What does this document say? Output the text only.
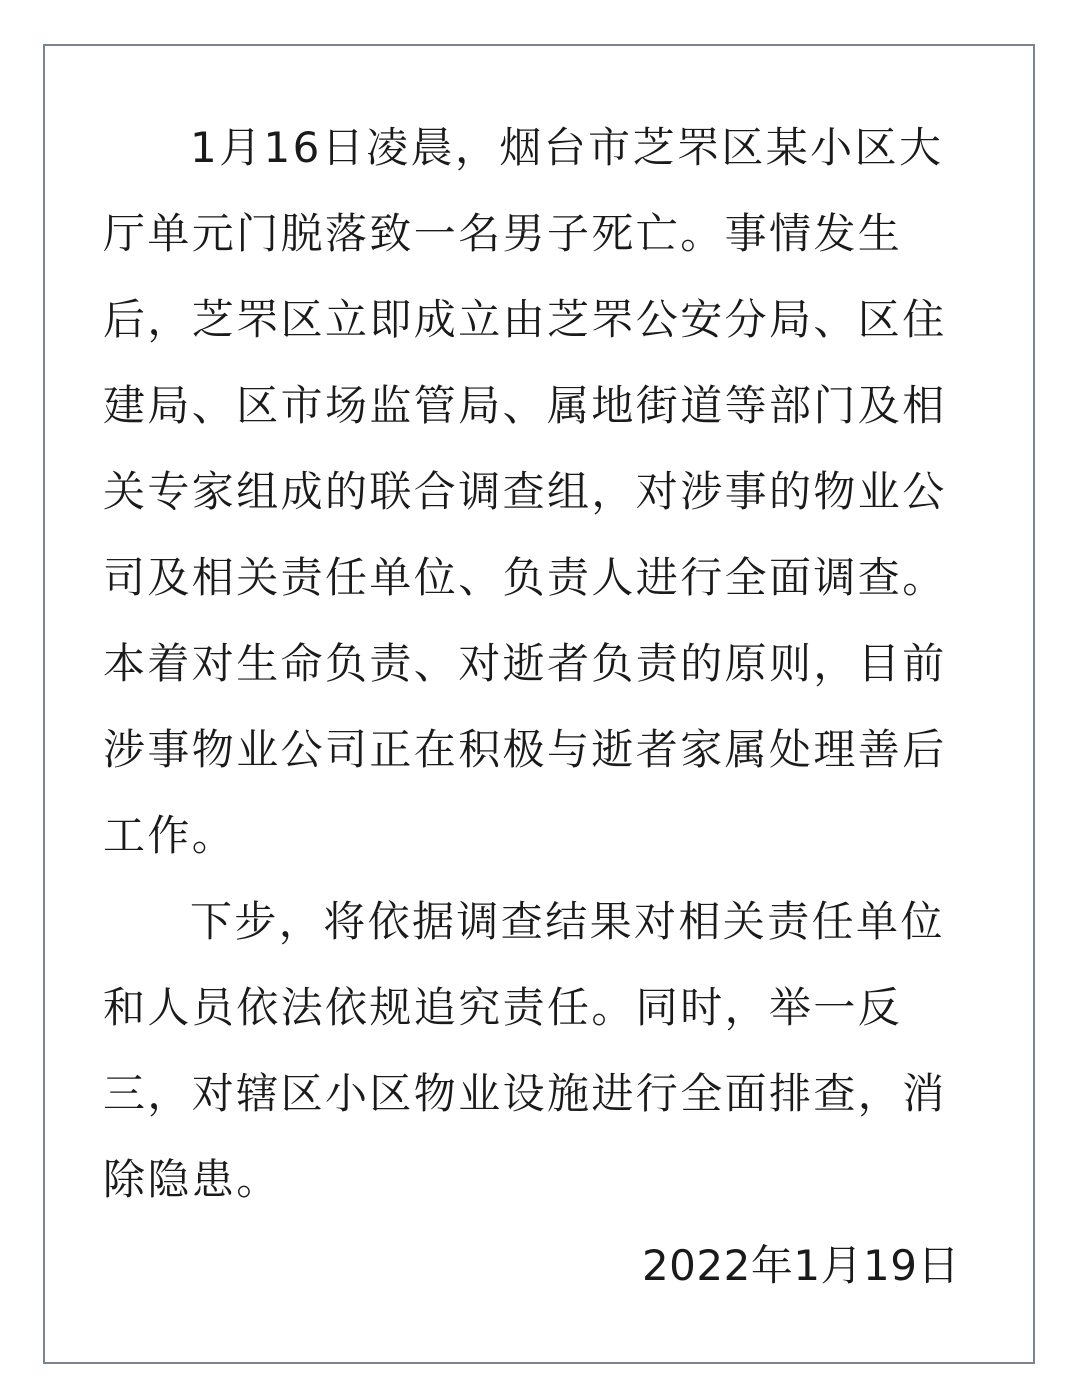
1月16日凌晨，烟台市芝罘区某小区大
厅单元门脱落致一名男子死亡。事情发生
后，芝罘区立即成立由芝罘公安分局、区住
建局、区市场监管局、属地街道等部门及相
关专家组成的联合调查组，对涉事的物业公
司及相关责任单位、负责人进行全面调查。
本着对生命负责、对逝者负责的原则，目前
涉事物业公司正在积极与逝者家属处理善后
工作。
下步，将依据调查结果对相关责任单位
和人员依法依规追究责任。同时，举一反
三，对辖区小区物业设施进行全面排查，消
除隐患。
2022年1月19日
